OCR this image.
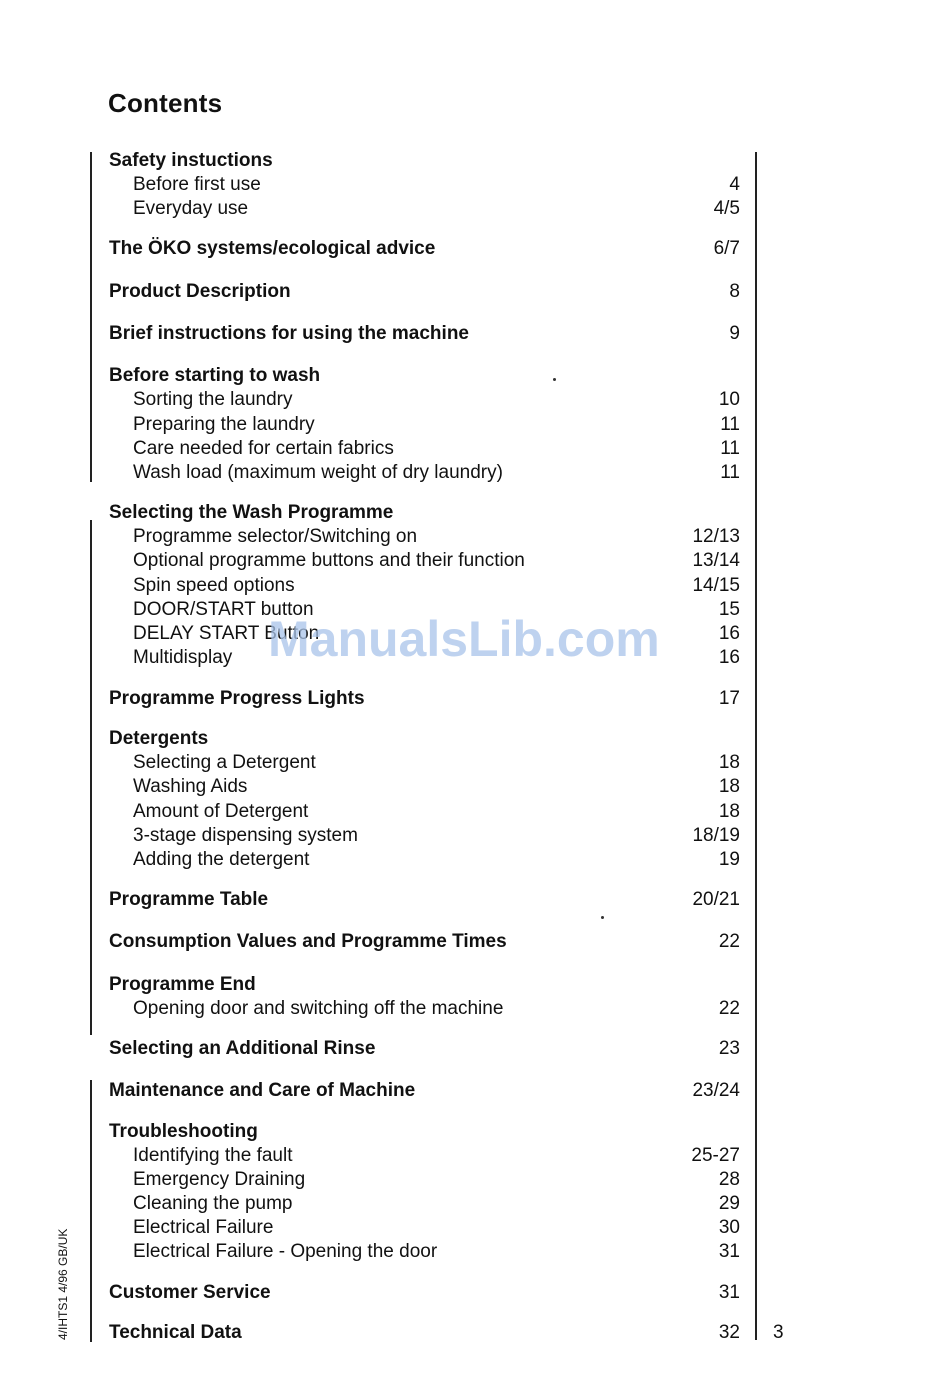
Contents
Safety instuctions
Before first use	4
Everyday use	4/5
The ÖKO systems/ecological advice	6/7
Product Description	8
Brief instructions for using the machine	9
Before starting to wash
Sorting the laundry	10
Preparing the laundry	11
Care needed for certain fabrics	11
Wash load (maximum weight of dry laundry)	11
Selecting the Wash Programme
Programme selector/Switching on	12/13
Optional programme buttons and their function	13/14
Spin speed options	14/15
DOOR/START button	15
DELAY START Button	16
Multidisplay	16
Programme Progress Lights	17
Detergents
Selecting a Detergent	18
Washing Aids	18
Amount of Detergent	18
3-stage dispensing system	18/19
Adding the detergent	19
Programme Table	20/21
Consumption Values and Programme Times	22
Programme End
Opening door and switching off the machine	22
Selecting an Additional Rinse	23
Maintenance and Care of Machine	23/24
Troubleshooting
Identifying the fault	25-27
Emergency Draining	28
Cleaning the pump	29
Electrical Failure	30
Electrical Failure - Opening the door	31
Customer Service	31
Technical Data	32 3
4/IHTS1 4/96 GB/UK
ManualsLib.com
